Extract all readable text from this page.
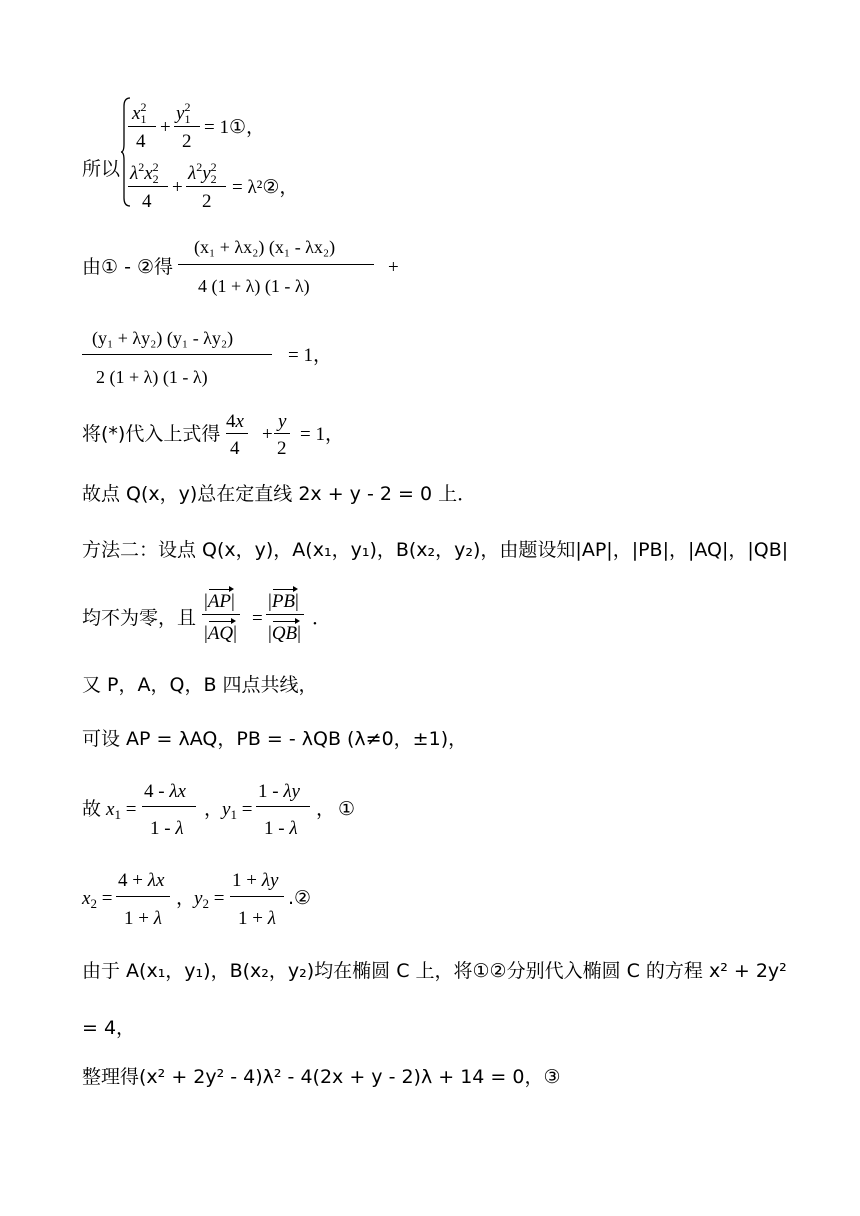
所以
$x^2_1$
4
+
$y^2_1$
2
= 1①，
$\lambda^2x^2_2$
4
+
$\lambda^2y^2_2$
2
= λ²②，
由① - ②得
(x₁ + λx₂) (x₁ - λx₂)
4 (1 + λ) (1 - λ)
+
(y₁ + λy₂) (y₁ - λy₂)
2 (1 + λ) (1 - λ)
= 1，
将(*)代入上式得
4x
4
+
y
2
= 1，
故点 Q(x，y)总在定直线 2x + y - 2 = 0 上．
方法二：设点 Q(x，y)，A(x₁，y₁)，B(x₂，y₂)，由题设知|AP|，|PB|，|AQ|，|QB|
均不为零，且
|AP|
|AQ|
=
|PB|
|QB|
．
又 P，A，Q，B 四点共线，
可设 AP = λAQ，PB = - λQB (λ≠0，±1)，
故 $x_1$ =
4 - λx
1 - λ
，
$y_1$ =
1 - λy
1 - λ
， ①
$x_2$ =
4 + λx
1 + λ
，
$y_2$ =
1 + λy
1 + λ
.②
由于 A(x₁，y₁)，B(x₂，y₂)均在椭圆 C 上，将①②分别代入椭圆 C 的方程 x² + 2y²
= 4，
整理得(x² + 2y² - 4)λ² - 4(2x + y - 2)λ + 14 = 0，③
